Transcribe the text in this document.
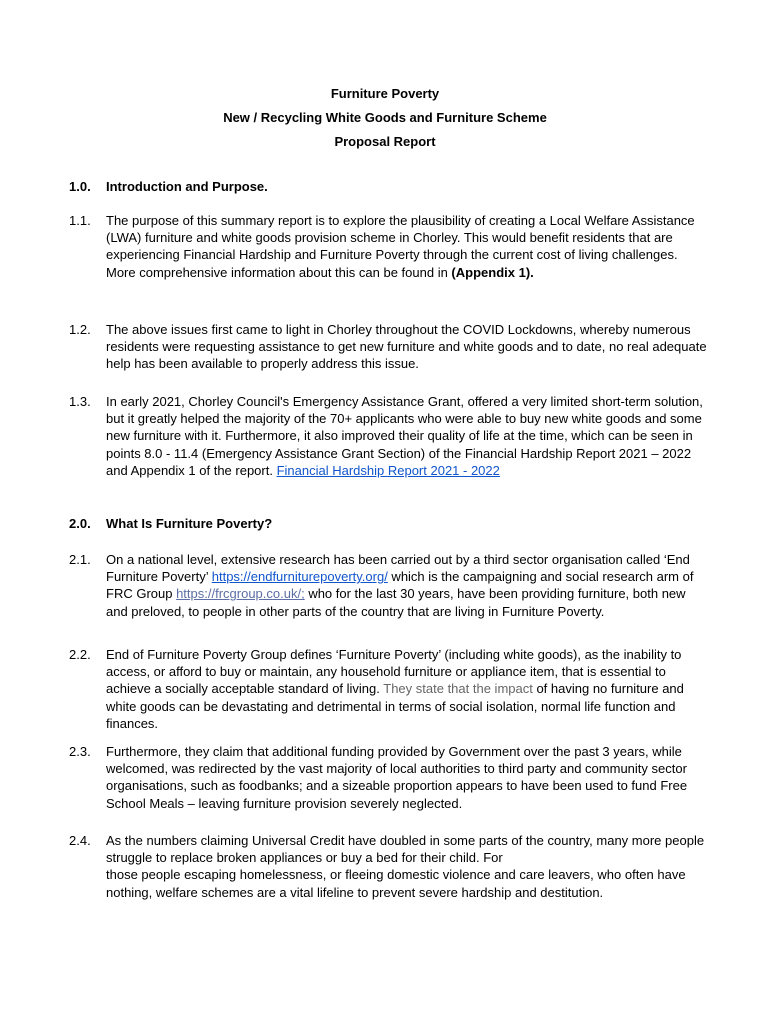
Furniture Poverty
New / Recycling White Goods and Furniture Scheme
Proposal Report
1.0. Introduction and Purpose.
1.1.	The purpose of this summary report is to explore the plausibility of creating a Local Welfare Assistance (LWA) furniture and white goods provision scheme in Chorley. This would benefit residents that are experiencing Financial Hardship and Furniture Poverty through the current cost of living challenges. More comprehensive information about this can be found in (Appendix 1).
1.2.	The above issues first came to light in Chorley throughout the COVID Lockdowns, whereby numerous residents were requesting assistance to get new furniture and white goods and to date, no real adequate help has been available to properly address this issue.
1.3.	In early 2021, Chorley Council's Emergency Assistance Grant, offered a very limited short-term solution, but it greatly helped the majority of the 70+ applicants who were able to buy new white goods and some new furniture with it. Furthermore, it also improved their quality of life at the time, which can be seen in points 8.0 - 11.4 (Emergency Assistance Grant Section) of the Financial Hardship Report 2021 – 2022 and Appendix 1 of the report. Financial Hardship Report 2021 - 2022
2.0. What Is Furniture Poverty?
2.1.	On a national level, extensive research has been carried out by a third sector organisation called ‘End Furniture Poverty’ https://endfurniturepoverty.org/ which is the campaigning and social research arm of FRC Group https://frcgroup.co.uk/; who for the last 30 years, have been providing furniture, both new and preloved, to people in other parts of the country that are living in Furniture Poverty.
2.2.	End of Furniture Poverty Group defines ‘Furniture Poverty’ (including white goods), as the inability to access, or afford to buy or maintain, any household furniture or appliance item, that is essential to achieve a socially acceptable standard of living. They state that the impact of having no furniture and white goods can be devastating and detrimental in terms of social isolation, normal life function and finances.
2.3.	Furthermore, they claim that additional funding provided by Government over the past 3 years, while welcomed, was redirected by the vast majority of local authorities to third party and community sector organisations, such as foodbanks; and a sizeable proportion appears to have been used to fund Free School Meals – leaving furniture provision severely neglected.
2.4.	As the numbers claiming Universal Credit have doubled in some parts of the country, many more people struggle to replace broken appliances or buy a bed for their child. For
those people escaping homelessness, or fleeing domestic violence and care leavers, who often have nothing, welfare schemes are a vital lifeline to prevent severe hardship and destitution.
